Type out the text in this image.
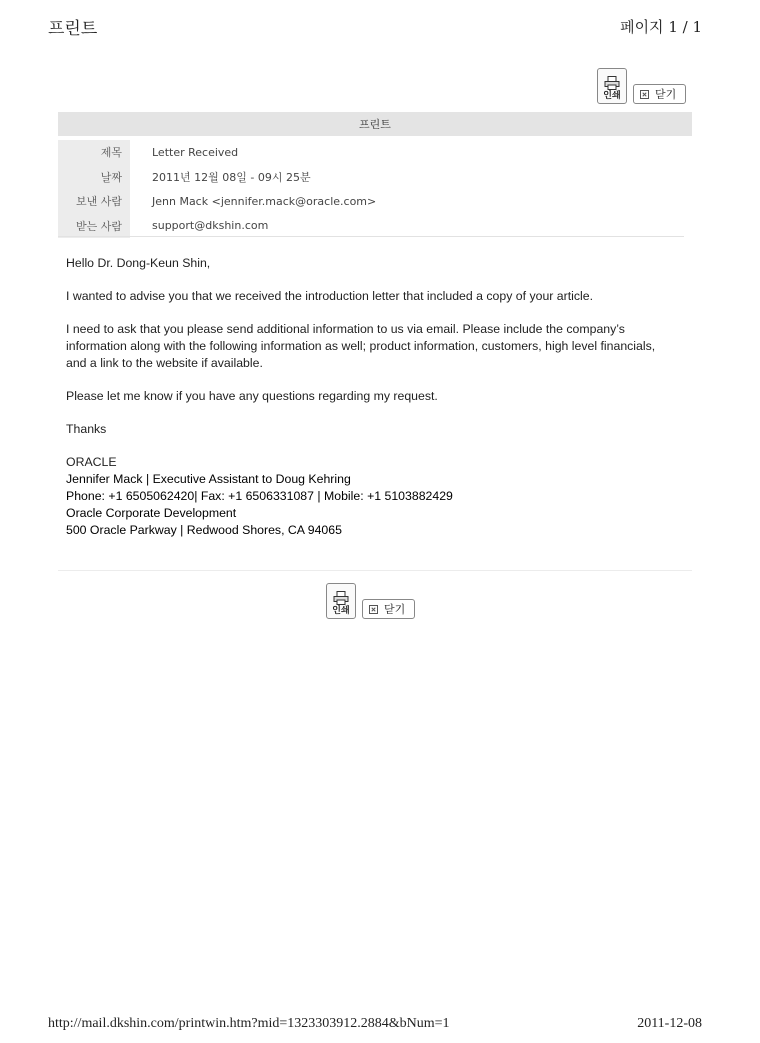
프린트	페이지 1 / 1
인쇄	닫기
프린트
제목	Letter Received
날짜	2011년 12월 08일 - 09시 25분
보낸 사람	Jenn Mack <jennifer.mack@oracle.com>
받는 사람	support@dkshin.com

Hello Dr. Dong-Keun Shin,

I wanted to advise you that we received the introduction letter that included a copy of your article.

I need to ask that you please send additional information to us via email. Please include the company’s
information along with the following information as well; product information, customers, high level financials,
and a link to the website if available.

Please let me know if you have any questions regarding my request.

Thanks

ORACLE
Jennifer Mack | Executive Assistant to Doug Kehring
Phone: +1 6505062420| Fax: +1 6506331087 | Mobile: +1 5103882429
Oracle Corporate Development
500 Oracle Parkway | Redwood Shores, CA 94065
인쇄	닫기
http://mail.dkshin.com/printwin.htm?mid=1323303912.2884&bNum=1	2011-12-08
